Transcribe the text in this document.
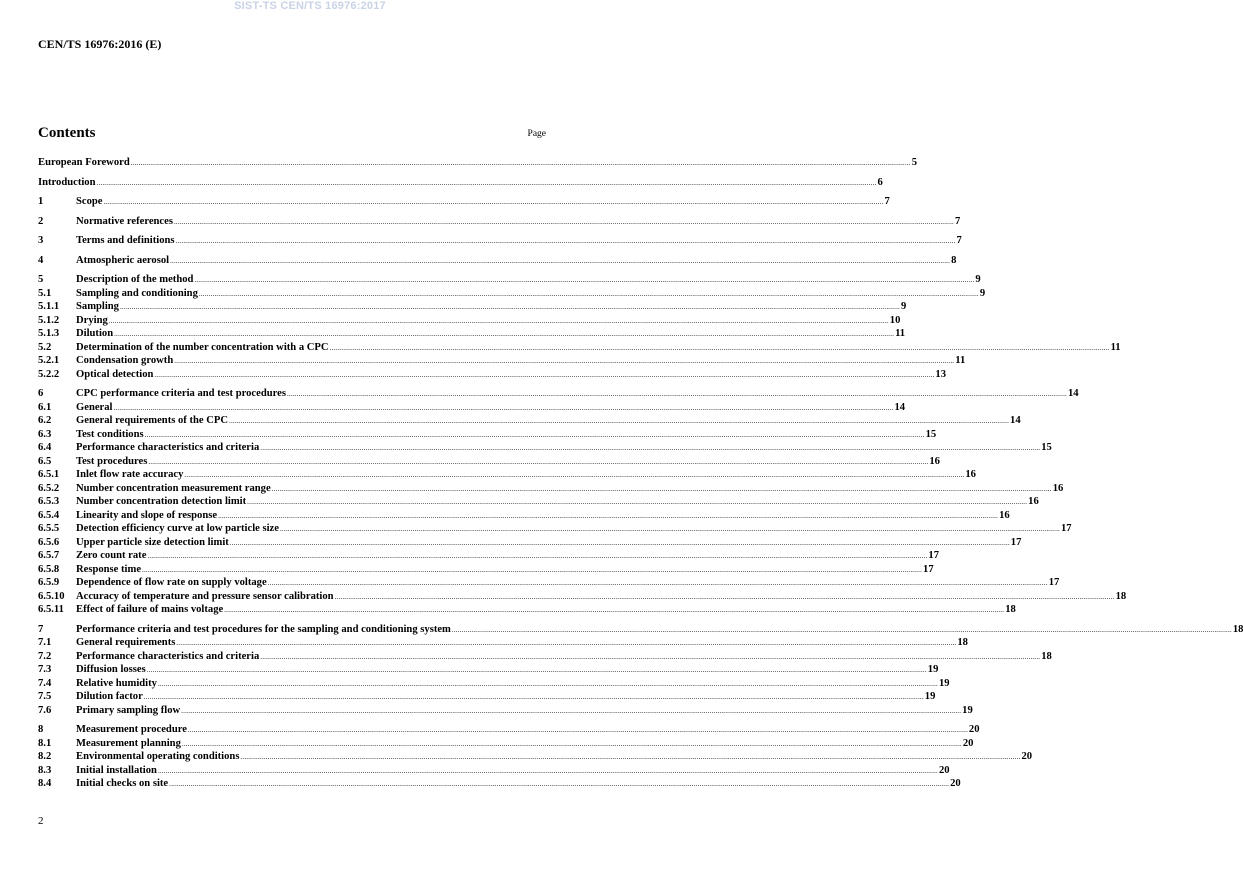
SIST-TS CEN/TS 16976:2017
CEN/TS 16976:2016 (E)
Contents	Page
European Foreword ................................................................................................................................................................................................................................................................................................................................................................................................................ 5
Introduction ................................................................................................................................................................................................................................................................................................................................................................................................................ 6
1	Scope ................................................................................................................................................................................................................................................................................................................................................................................................................ 7
2	Normative references ................................................................................................................................................................................................................................................................................................................................................................................................................ 7
3	Terms and definitions ................................................................................................................................................................................................................................................................................................................................................................................................................ 7
4	Atmospheric aerosol ................................................................................................................................................................................................................................................................................................................................................................................................................ 8
5	Description of the method ................................................................................................................................................................................................................................................................................................................................................................................................................ 9
5.1	Sampling and conditioning ................................................................................................................................................................................................................................................................................................................................................................................................................ 9
5.1.1	Sampling ................................................................................................................................................................................................................................................................................................................................................................................................................ 9
5.1.2	Drying ................................................................................................................................................................................................................................................................................................................................................................................................................ 10
5.1.3	Dilution ................................................................................................................................................................................................................................................................................................................................................................................................................ 11
5.2	Determination of the number concentration with a CPC ................................................................................................................................................................................................................................................................................................................................................................................................................ 11
5.2.1	Condensation growth ................................................................................................................................................................................................................................................................................................................................................................................................................ 11
5.2.2	Optical detection ................................................................................................................................................................................................................................................................................................................................................................................................................ 13
6	CPC performance criteria and test procedures ................................................................................................................................................................................................................................................................................................................................................................................................................ 14
6.1	General ................................................................................................................................................................................................................................................................................................................................................................................................................ 14
6.2	General requirements of the CPC ................................................................................................................................................................................................................................................................................................................................................................................................................ 14
6.3	Test conditions ................................................................................................................................................................................................................................................................................................................................................................................................................ 15
6.4	Performance characteristics and criteria ................................................................................................................................................................................................................................................................................................................................................................................................................ 15
6.5	Test procedures ................................................................................................................................................................................................................................................................................................................................................................................................................ 16
6.5.1	Inlet flow rate accuracy ................................................................................................................................................................................................................................................................................................................................................................................................................ 16
6.5.2	Number concentration measurement range ................................................................................................................................................................................................................................................................................................................................................................................................................ 16
6.5.3	Number concentration detection limit ................................................................................................................................................................................................................................................................................................................................................................................................................ 16
6.5.4	Linearity and slope of response ................................................................................................................................................................................................................................................................................................................................................................................................................ 16
6.5.5	Detection efficiency curve at low particle size ................................................................................................................................................................................................................................................................................................................................................................................................................ 17
6.5.6	Upper particle size detection limit ................................................................................................................................................................................................................................................................................................................................................................................................................ 17
6.5.7	Zero count rate ................................................................................................................................................................................................................................................................................................................................................................................................................ 17
6.5.8	Response time ................................................................................................................................................................................................................................................................................................................................................................................................................ 17
6.5.9	Dependence of flow rate on supply voltage ................................................................................................................................................................................................................................................................................................................................................................................................................ 17
6.5.10	Accuracy of temperature and pressure sensor calibration ................................................................................................................................................................................................................................................................................................................................................................................................................ 18
6.5.11	Effect of failure of mains voltage ................................................................................................................................................................................................................................................................................................................................................................................................................ 18
7	Performance criteria and test procedures for the sampling and conditioning system ................................................................................................................................................................................................................................................................................................................................................................................................................ 18
7.1	General requirements ................................................................................................................................................................................................................................................................................................................................................................................................................ 18
7.2	Performance characteristics and criteria ................................................................................................................................................................................................................................................................................................................................................................................................................ 18
7.3	Diffusion losses ................................................................................................................................................................................................................................................................................................................................................................................................................ 19
7.4	Relative humidity ................................................................................................................................................................................................................................................................................................................................................................................................................ 19
7.5	Dilution factor ................................................................................................................................................................................................................................................................................................................................................................................................................ 19
7.6	Primary sampling flow ................................................................................................................................................................................................................................................................................................................................................................................................................ 19
8	Measurement procedure ................................................................................................................................................................................................................................................................................................................................................................................................................ 20
8.1	Measurement planning ................................................................................................................................................................................................................................................................................................................................................................................................................ 20
8.2	Environmental operating conditions ................................................................................................................................................................................................................................................................................................................................................................................................................ 20
8.3	Initial installation ................................................................................................................................................................................................................................................................................................................................................................................................................ 20
8.4	Initial checks on site ................................................................................................................................................................................................................................................................................................................................................................................................................ 20
2
